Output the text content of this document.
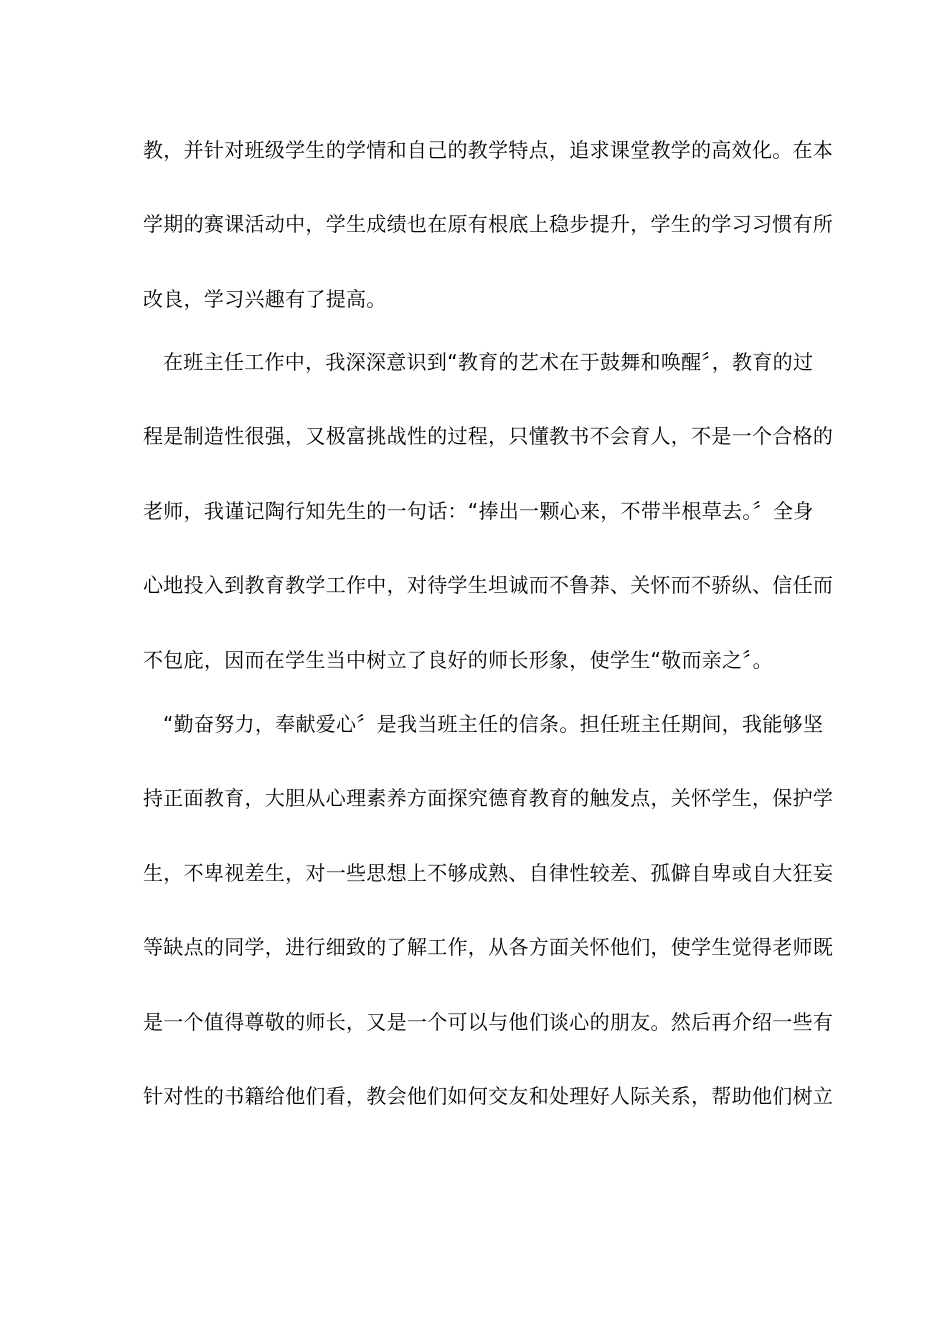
教，并针对班级学生的学情和自己的教学特点，追求课堂教学的高效化。在本
学期的赛课活动中，学生成绩也在原有根底上稳步提升，学生的学习习惯有所
改良，学习兴趣有了提高。
在班主任工作中，我深深意识到“教育的艺术在于鼓舞和唤醒〞，教育的过
程是制造性很强，又极富挑战性的过程，只懂教书不会育人，不是一个合格的
老师，我谨记陶行知先生的一句话：“捧出一颗心来，不带半根草去。〞全身
心地投入到教育教学工作中，对待学生坦诚而不鲁莽、关怀而不骄纵、信任而
不包庇，因而在学生当中树立了良好的师长形象，使学生“敬而亲之〞。
“勤奋努力，奉献爱心〞是我当班主任的信条。担任班主任期间，我能够坚
持正面教育，大胆从心理素养方面探究德育教育的触发点，关怀学生，保护学
生，不卑视差生，对一些思想上不够成熟、自律性较差、孤僻自卑或自大狂妄
等缺点的同学，进行细致的了解工作，从各方面关怀他们，使学生觉得老师既
是一个值得尊敬的师长，又是一个可以与他们谈心的朋友。然后再介绍一些有
针对性的书籍给他们看，教会他们如何交友和处理好人际关系，帮助他们树立
